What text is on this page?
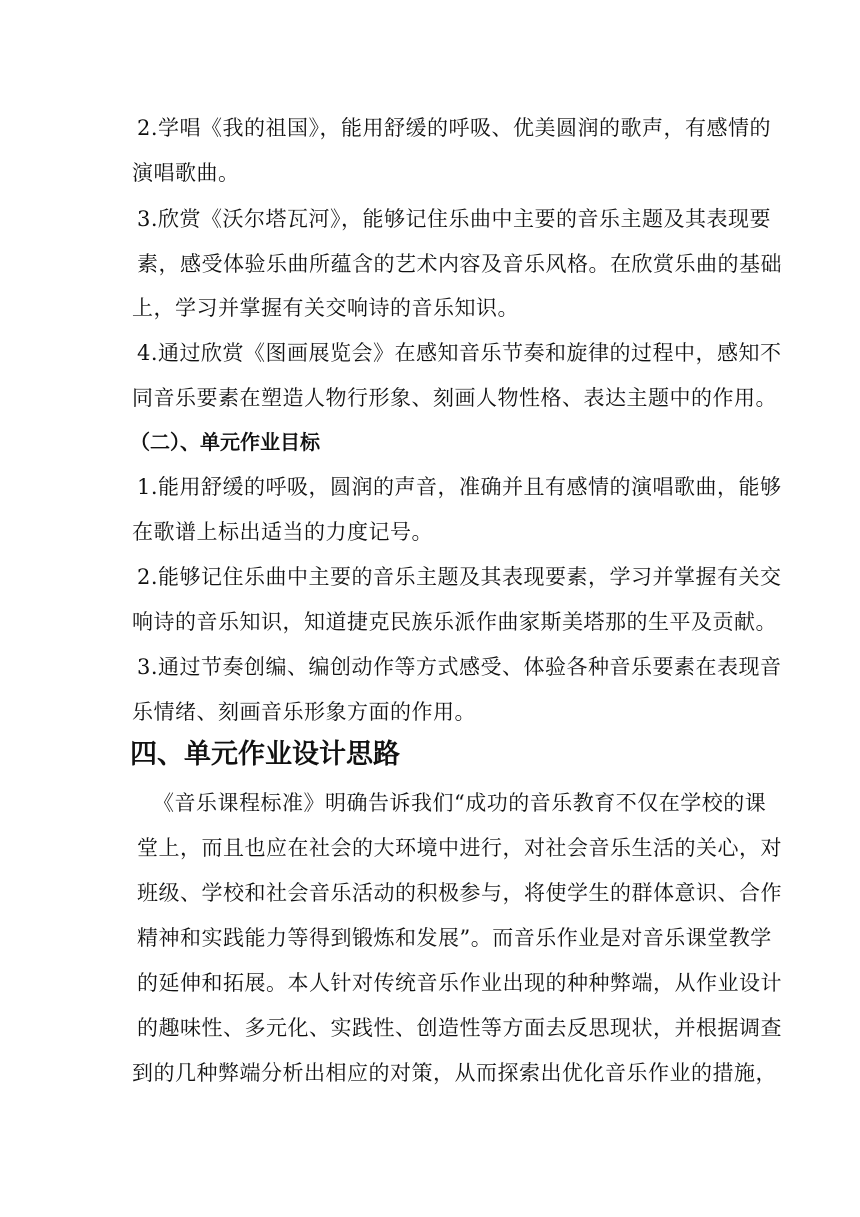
2.学唱《我的祖国》，能用舒缓的呼吸、优美圆润的歌声，有感情的
演唱歌曲。
3.欣赏《沃尔塔瓦河》，能够记住乐曲中主要的音乐主题及其表现要
素，感受体验乐曲所蕴含的艺术内容及音乐风格。在欣赏乐曲的基础
上，学习并掌握有关交响诗的音乐知识。
4.通过欣赏《图画展览会》在感知音乐节奏和旋律的过程中，感知不
同音乐要素在塑造人物行形象、刻画人物性格、表达主题中的作用。
（二）、单元作业目标
1.能用舒缓的呼吸，圆润的声音，准确并且有感情的演唱歌曲，能够
在歌谱上标出适当的力度记号。
2.能够记住乐曲中主要的音乐主题及其表现要素，学习并掌握有关交
响诗的音乐知识，知道捷克民族乐派作曲家斯美塔那的生平及贡献。
3.通过节奏创编、编创动作等方式感受、体验各种音乐要素在表现音
乐情绪、刻画音乐形象方面的作用。
四、单元作业设计思路
《音乐课程标准》明确告诉我们“成功的音乐教育不仅在学校的课
堂上，而且也应在社会的大环境中进行，对社会音乐生活的关心，对
班级、学校和社会音乐活动的积极参与，将使学生的群体意识、合作
精神和实践能力等得到锻炼和发展”。而音乐作业是对音乐课堂教学
的延伸和拓展。本人针对传统音乐作业出现的种种弊端，从作业设计
的趣味性、多元化、实践性、创造性等方面去反思现状，并根据调查
到的几种弊端分析出相应的对策，从而探索出优化音乐作业的措施，
